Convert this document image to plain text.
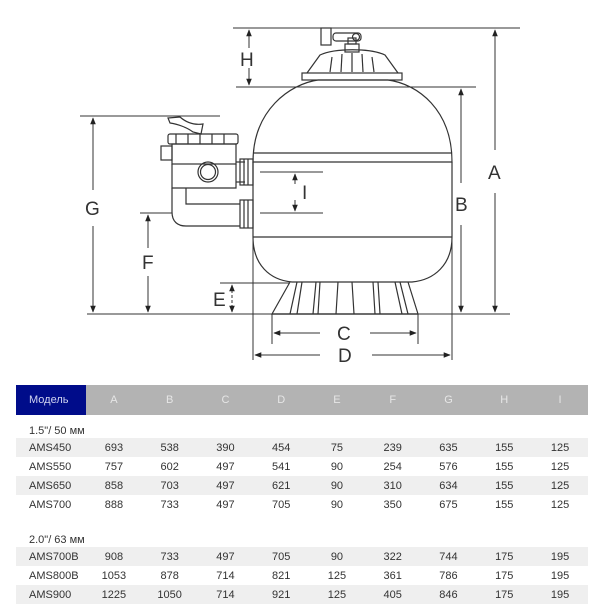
H
A
B
G
F
E
I
C
D
Модель	A	B	C	D	E	F	G	H	I
1.5"/ 50 мм									
AMS450	693	538	390	454	75	239	635	155	125
AMS550	757	602	497	541	90	254	576	155	125
AMS650	858	703	497	621	90	310	634	155	125
AMS700	888	733	497	705	90	350	675	155	125

2.0"/ 63 мм									
AMS700B	908	733	497	705	90	322	744	175	195
AMS800B	1053	878	714	821	125	361	786	175	195
AMS900	1225	1050	714	921	125	405	846	175	195
